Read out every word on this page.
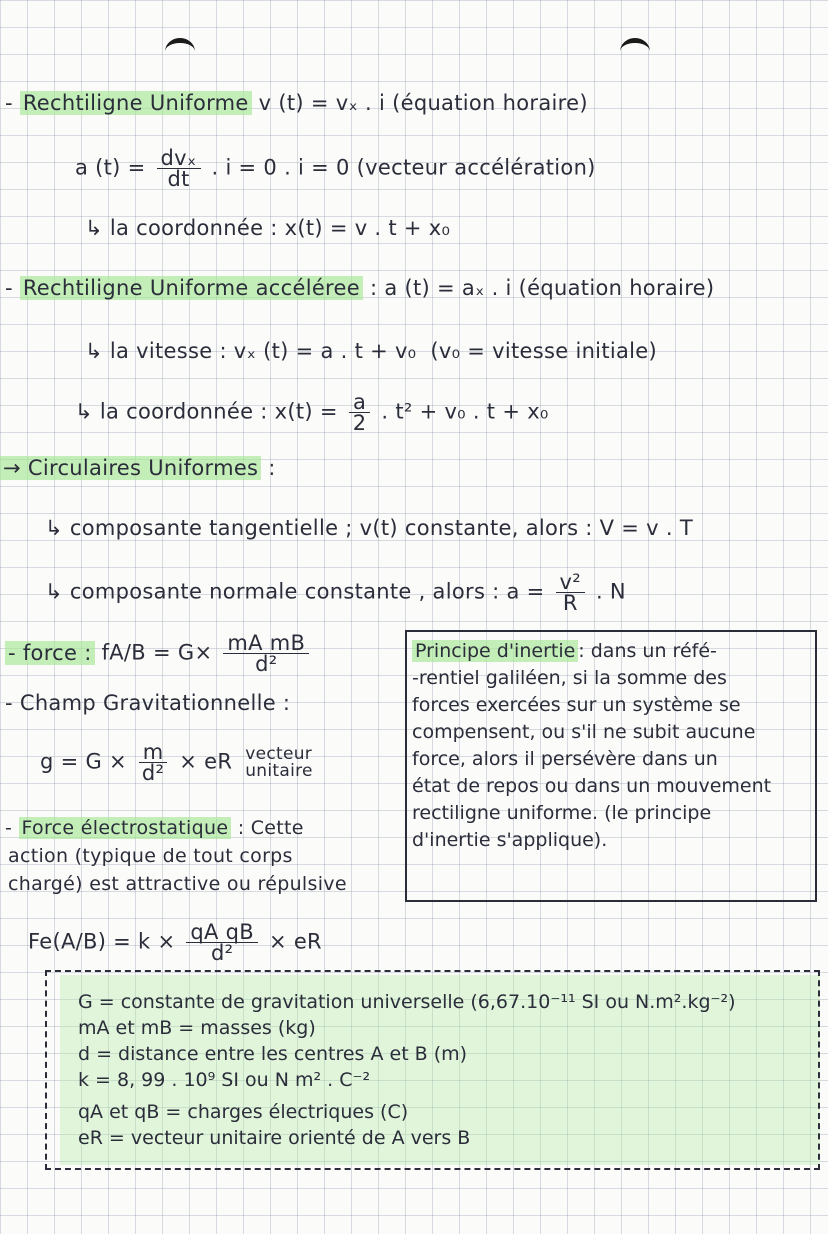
- Rechtiligne Uniforme v (t) = vₓ . i (équation horaire)
a $(t) = \frac{\text{dvₓ}}{dt}$ . i = 0 . i = 0 (vecteur accélération)
↳ la coordonnée : x(t) = v . t + x₀
- Rechtiligne Uniforme accéléree : a (t) = aₓ . i (équation horaire)
↳ la vitesse : vₓ (t) = a . t + v₀ (v₀ = vitesse initiale)
↳ la coordonnée : $x(t) = \frac{a}{2}$ . t² + v₀ . t + x₀
→ Circulaires Uniformes :
↳ composante tangentielle ; v(t) constante, alors : V = v . T
↳ composante normale constante , alors : $a = \frac{\text{v²}}{R}$ . N
- force : $fA/B = G\times \frac{\text{mA mB}}{\text{d²}}$
- Champ Gravitationnelle :
$g = G \times \frac{m}{\text{d²}}$ × eR vecteur
unitaire
- Force électrostatique : Cette
action (typique de tout corps
chargé) est attractive ou répulsive
$Fe(A/B) = k \times \frac{\text{qA qB}}{\text{d²}}$ × eR
Principe d'inertie : dans un réfé-
-rentiel galiléen, si la somme des
forces exercées sur un système se
compensent, ou s'il ne subit aucune
force, alors il persévère dans un
état de repos ou dans un mouvement
rectiligne uniforme. (le principe
d'inertie s'applique).
G = constante de gravitation universelle (6,67.10⁻¹¹ SI ou N.m².kg⁻²)
mA et mB = masses (kg)
d = distance entre les centres A et B (m)
k = 8, 99 . 10⁹ SI ou N m² . C⁻²
qA et qB = charges électriques (C)
eR = vecteur unitaire orienté de A vers B
